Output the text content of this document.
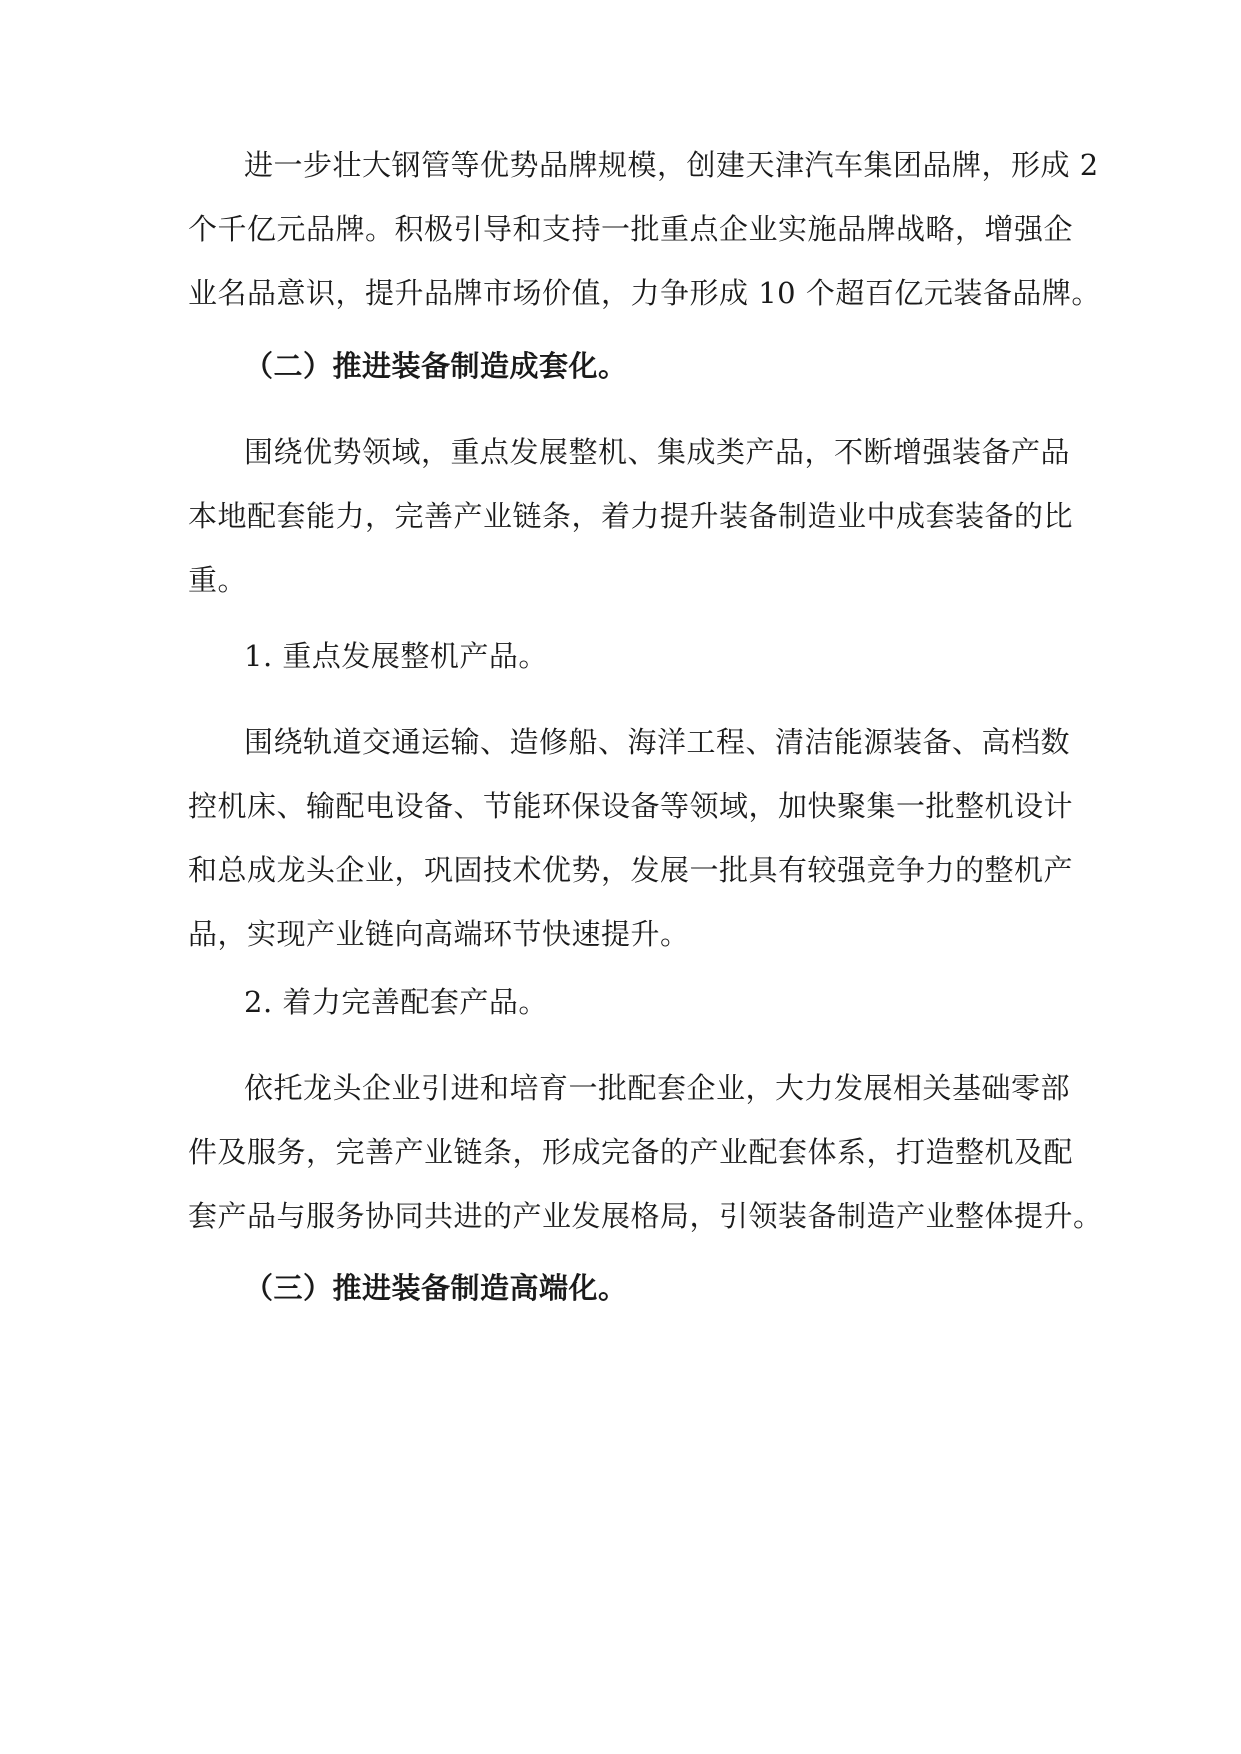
进一步壮大钢管等优势品牌规模，创建天津汽车集团品牌，形成 2
个千亿元品牌。积极引导和支持一批重点企业实施品牌战略，增强企
业名品意识，提升品牌市场价值，力争形成 10 个超百亿元装备品牌。
（二）推进装备制造成套化。
围绕优势领域，重点发展整机、集成类产品，不断增强装备产品
本地配套能力，完善产业链条，着力提升装备制造业中成套装备的比
重。
1. 重点发展整机产品。
围绕轨道交通运输、造修船、海洋工程、清洁能源装备、高档数
控机床、输配电设备、节能环保设备等领域，加快聚集一批整机设计
和总成龙头企业，巩固技术优势，发展一批具有较强竞争力的整机产
品，实现产业链向高端环节快速提升。
2. 着力完善配套产品。
依托龙头企业引进和培育一批配套企业，大力发展相关基础零部
件及服务，完善产业链条，形成完备的产业配套体系，打造整机及配
套产品与服务协同共进的产业发展格局，引领装备制造产业整体提升。
（三）推进装备制造高端化。
